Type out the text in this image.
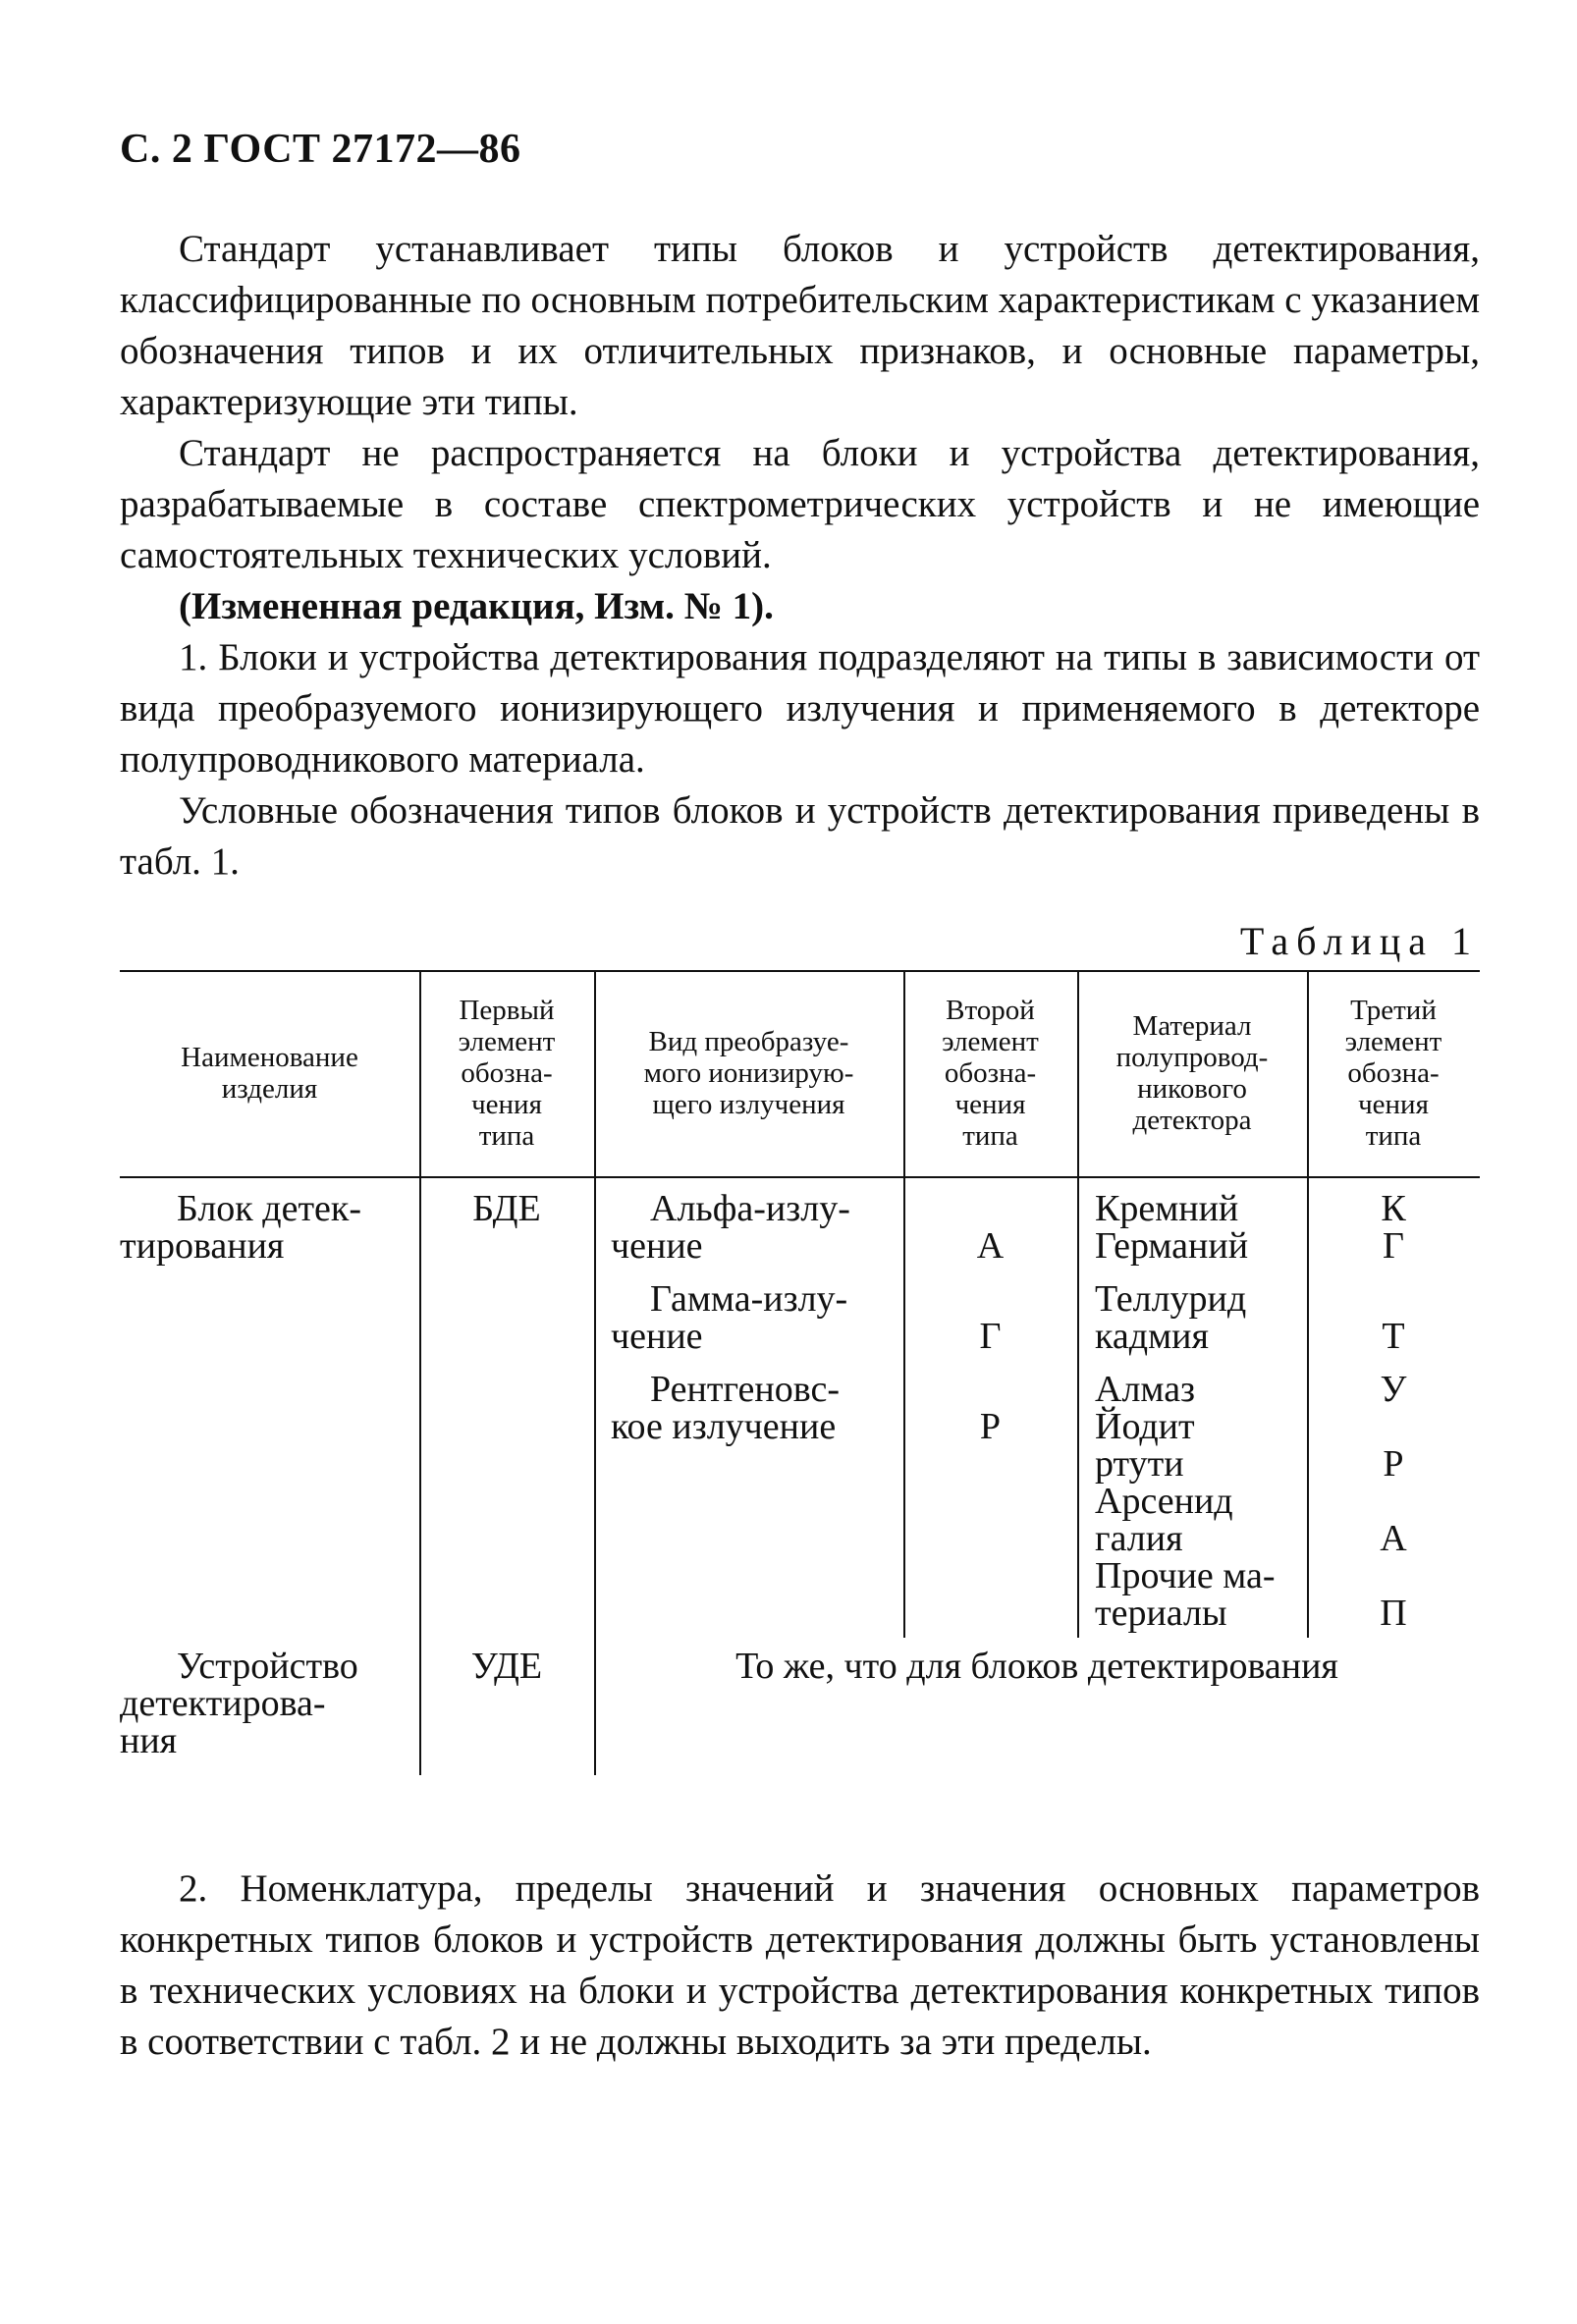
С. 2 ГОСТ 27172—86
Стандарт устанавливает типы блоков и устройств детектирования, классифицированные по основным потребительским характеристикам с указанием обозначения типов и их отличительных признаков, и основные параметры, характеризующие эти типы.
Стандарт не распространяется на блоки и устройства детектирования, разрабатываемые в составе спектрометрических устройств и не имеющие самостоятельных технических условий.
(Измененная редакция, Изм. № 1).
1. Блоки и устройства детектирования подразделяют на типы в зависимости от вида преобразуемого ионизирующего излучения и применяемого в детекторе полупроводникового материала.
Условные обозначения типов блоков и устройств детектирования приведены в табл. 1.
Таблица 1
Наименование
изделия
Первый
элемент
обозна-
чения
типа
Вид преобразуе-
мого ионизирую-
щего излучения
Второй
элемент
обозна-
чения
типа
Материал
полупровод-
никового
детектора
Третий
элемент
обозна-
чения
типа
Блок детек-
тирования
БДЕ	Альфа-излу-
чение
Гамма-излу-
чение
Рентгеновс-
кое излучение
А
Г
Р
Кремний
Германий
Теллурид
кадмия
Алмаз
Йодит
ртути
Арсенид
галия
Прочие ма-
териалы
К
Г
Т
У
Р
А
П
Устройство
детектирова-
ния
УДЕ	То же, что для блоков детектирования
2. Номенклатура, пределы значений и значения основных параметров конкретных типов блоков и устройств детектирования должны быть установлены в технических условиях на блоки и устройства детектирования конкретных типов в соответствии с табл. 2 и не должны выходить за эти пределы.
